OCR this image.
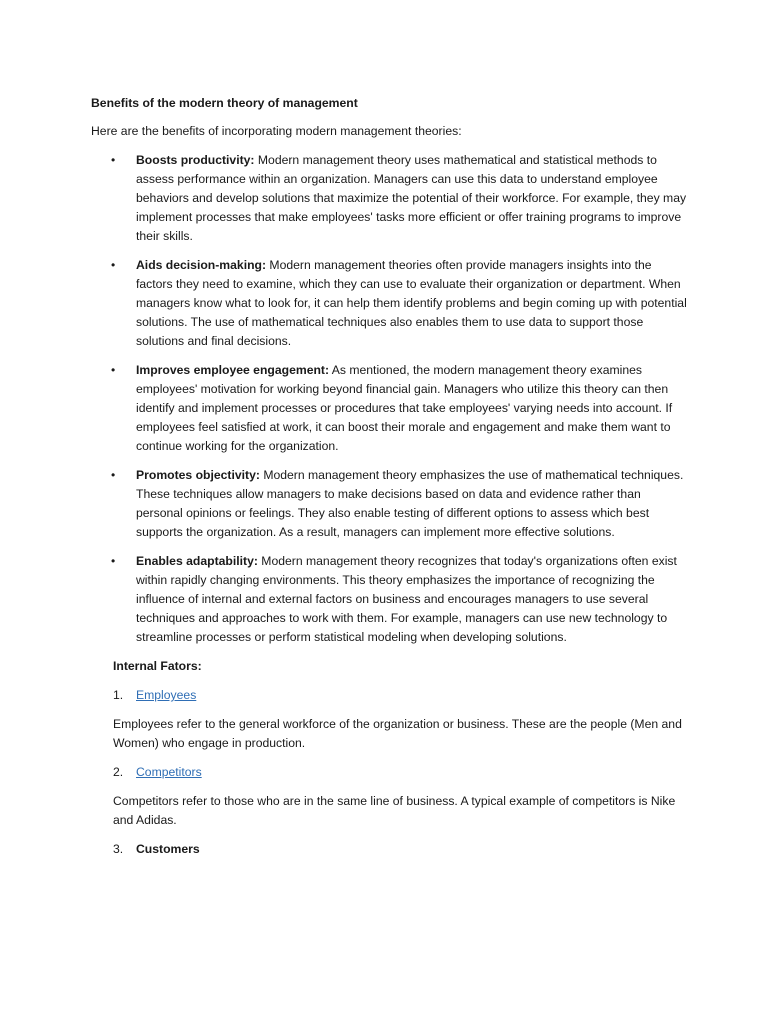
Benefits of the modern theory of management
Here are the benefits of incorporating modern management theories:
• Boosts productivity: Modern management theory uses mathematical and statistical methods to assess performance within an organization. Managers can use this data to understand employee behaviors and develop solutions that maximize the potential of their workforce. For example, they may implement processes that make employees' tasks more efficient or offer training programs to improve their skills.
• Aids decision-making: Modern management theories often provide managers insights into the factors they need to examine, which they can use to evaluate their organization or department. When managers know what to look for, it can help them identify problems and begin coming up with potential solutions. The use of mathematical techniques also enables them to use data to support those solutions and final decisions.
• Improves employee engagement: As mentioned, the modern management theory examines employees' motivation for working beyond financial gain. Managers who utilize this theory can then identify and implement processes or procedures that take employees' varying needs into account. If employees feel satisfied at work, it can boost their morale and engagement and make them want to continue working for the organization.
• Promotes objectivity: Modern management theory emphasizes the use of mathematical techniques. These techniques allow managers to make decisions based on data and evidence rather than personal opinions or feelings. They also enable testing of different options to assess which best supports the organization. As a result, managers can implement more effective solutions.
• Enables adaptability: Modern management theory recognizes that today's organizations often exist within rapidly changing environments. This theory emphasizes the importance of recognizing the influence of internal and external factors on business and encourages managers to use several techniques and approaches to work with them. For example, managers can use new technology to streamline processes or perform statistical modeling when developing solutions.
Internal Fators:
1. Employees
Employees refer to the general workforce of the organization or business. These are the people (Men and Women) who engage in production.
2. Competitors
Competitors refer to those who are in the same line of business. A typical example of competitors is Nike and Adidas.
3. Customers
